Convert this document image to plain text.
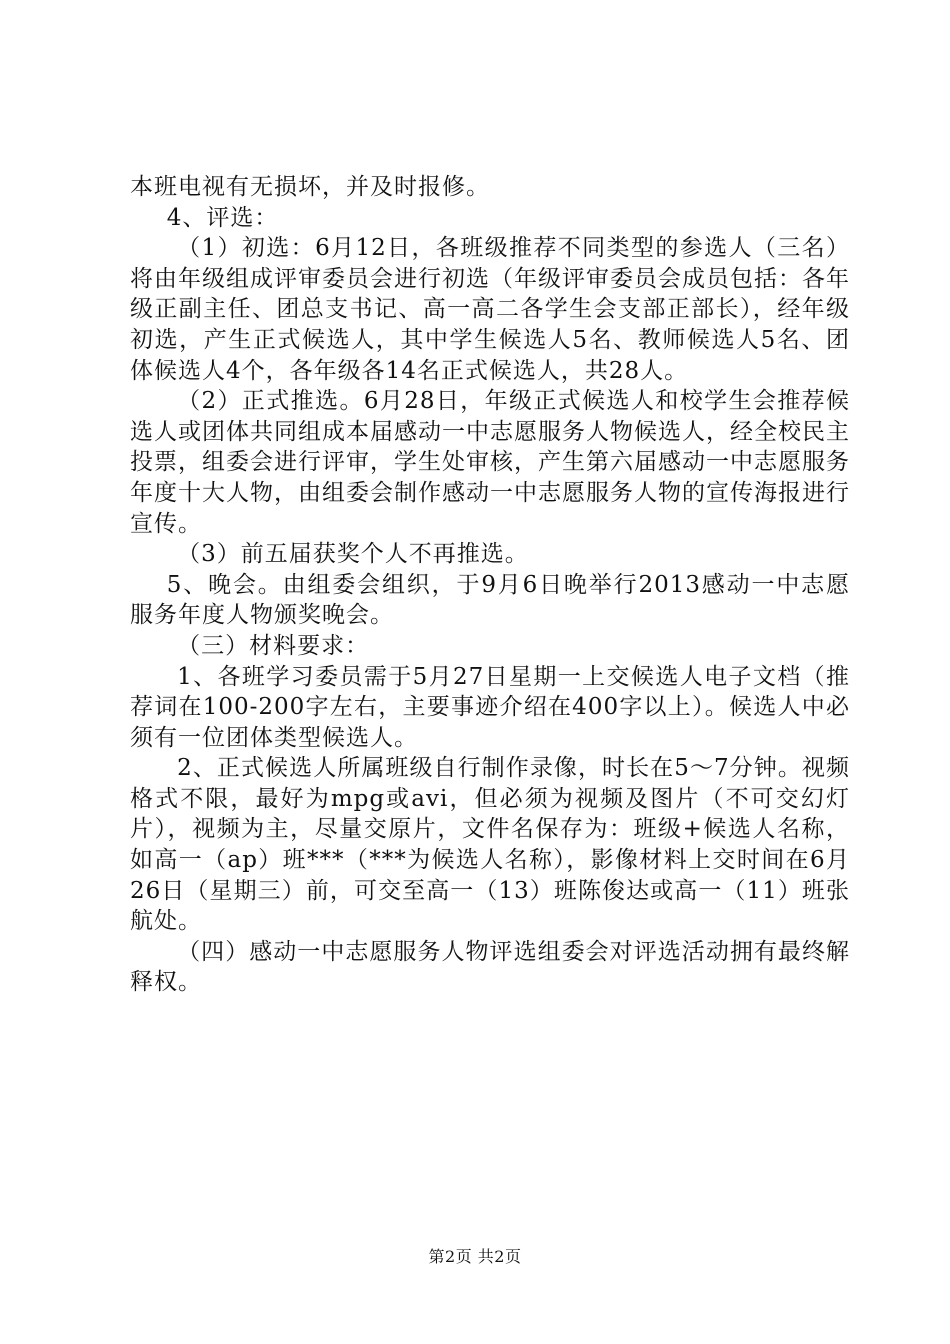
本班电视有无损坏，并及时报修。

4、评选：

（1）初选：6月12日，各班级推荐不同类型的参选人（三名）将由年级组成评审委员会进行初选（年级评审委员会成员包括：各年级正副主任、团总支书记、高一高二各学生会支部正部长），经年级初选，产生正式候选人，其中学生候选人5名、教师候选人5名、团体候选人4个，各年级各14名正式候选人，共28人。

（2）正式推选。6月28日，年级正式候选人和校学生会推荐候选人或团体共同组成本届感动一中志愿服务人物候选人，经全校民主投票，组委会进行评审，学生处审核，产生第六届感动一中志愿服务年度十大人物，由组委会制作感动一中志愿服务人物的宣传海报进行宣传。

（3）前五届获奖个人不再推选。

5、晚会。由组委会组织，于9月6日晚举行2013感动一中志愿服务年度人物颁奖晚会。

（三）材料要求：

1、各班学习委员需于5月27日星期一上交候选人电子文档（推荐词在100-200字左右，主要事迹介绍在400字以上）。候选人中必须有一位团体类型候选人。

2、正式候选人所属班级自行制作录像，时长在5～7分钟。视频格式不限，最好为mpg或avi，但必须为视频及图片（不可交幻灯片），视频为主，尽量交原片，文件名保存为：班级+候选人名称，如高一（ap）班***（***为候选人名称），影像材料上交时间在6月26日（星期三）前，可交至高一（13）班陈俊达或高一（11）班张航处。

（四）感动一中志愿服务人物评选组委会对评选活动拥有最终解释权。

第2页 共2页
